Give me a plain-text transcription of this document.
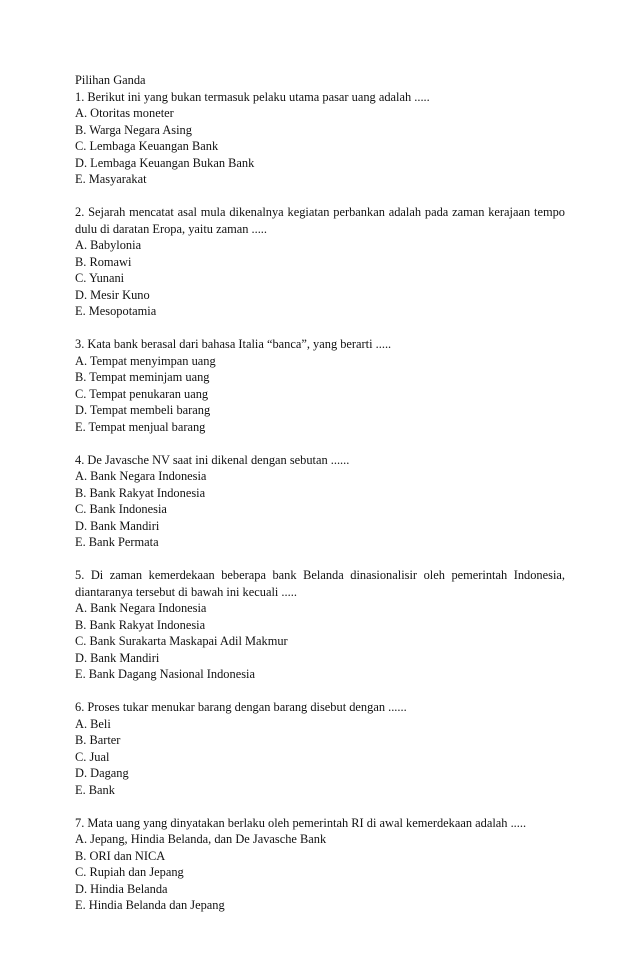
Pilihan Ganda
1. Berikut ini yang bukan termasuk pelaku utama pasar uang adalah .....
A. Otoritas moneter
B. Warga Negara Asing
C. Lembaga Keuangan Bank
D. Lembaga Keuangan Bukan Bank
E. Masyarakat
2. Sejarah mencatat asal mula dikenalnya kegiatan perbankan adalah pada zaman kerajaan tempo dulu di daratan Eropa, yaitu zaman .....
A. Babylonia
B. Romawi
C. Yunani
D. Mesir Kuno
E. Mesopotamia
3. Kata bank berasal dari bahasa Italia “banca”, yang berarti .....
A. Tempat menyimpan uang
B. Tempat meminjam uang
C. Tempat penukaran uang
D. Tempat membeli barang
E. Tempat menjual barang
4. De Javasche NV saat ini dikenal dengan sebutan ......
A. Bank Negara Indonesia
B. Bank Rakyat Indonesia
C. Bank Indonesia
D. Bank Mandiri
E. Bank Permata
5. Di zaman kemerdekaan beberapa bank Belanda dinasionalisir oleh pemerintah Indonesia, diantaranya tersebut di bawah ini kecuali .....
A. Bank Negara Indonesia
B. Bank Rakyat Indonesia
C. Bank Surakarta Maskapai Adil Makmur
D. Bank Mandiri
E. Bank Dagang Nasional Indonesia
6. Proses tukar menukar barang dengan barang disebut dengan ......
A. Beli
B. Barter
C. Jual
D. Dagang
E. Bank
7. Mata uang yang dinyatakan berlaku oleh pemerintah RI di awal kemerdekaan adalah .....
A. Jepang, Hindia Belanda, dan De Javasche Bank
B. ORI dan NICA
C. Rupiah dan Jepang
D. Hindia Belanda
E. Hindia Belanda dan Jepang
